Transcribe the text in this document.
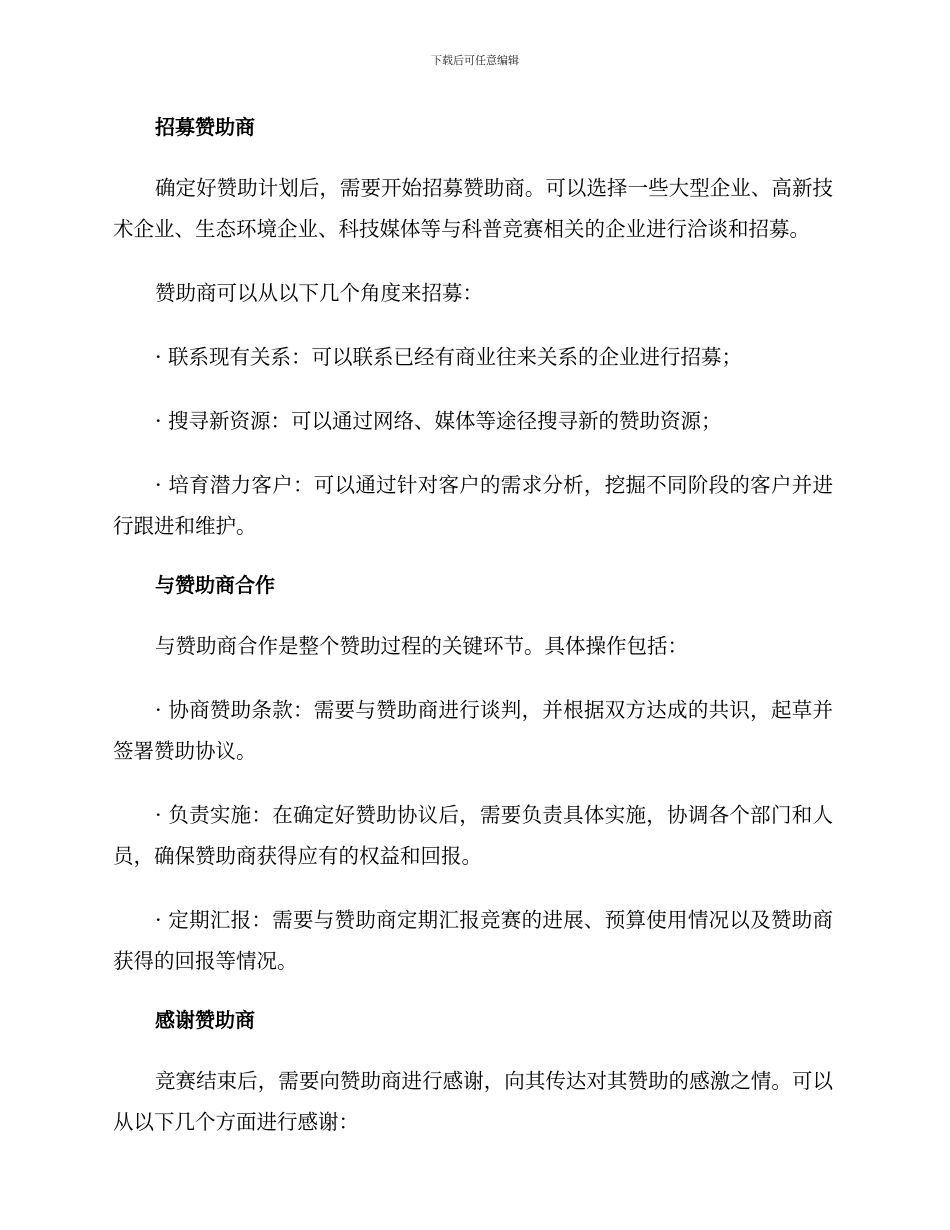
下载后可任意编辑
招募赞助商

确定好赞助计划后，需要开始招募赞助商。可以选择一些大型企业、高新技术企业、生态环境企业、科技媒体等与科普竞赛相关的企业进行洽谈和招募。

赞助商可以从以下几个角度来招募：

· 联系现有关系：可以联系已经有商业往来关系的企业进行招募；

· 搜寻新资源：可以通过网络、媒体等途径搜寻新的赞助资源；

· 培育潜力客户：可以通过针对客户的需求分析，挖掘不同阶段的客户并进行跟进和维护。

与赞助商合作

与赞助商合作是整个赞助过程的关键环节。具体操作包括：

· 协商赞助条款：需要与赞助商进行谈判，并根据双方达成的共识，起草并签署赞助协议。

· 负责实施：在确定好赞助协议后，需要负责具体实施，协调各个部门和人员，确保赞助商获得应有的权益和回报。

· 定期汇报：需要与赞助商定期汇报竞赛的进展、预算使用情况以及赞助商获得的回报等情况。

感谢赞助商

竞赛结束后，需要向赞助商进行感谢，向其传达对其赞助的感激之情。可以从以下几个方面进行感谢：
